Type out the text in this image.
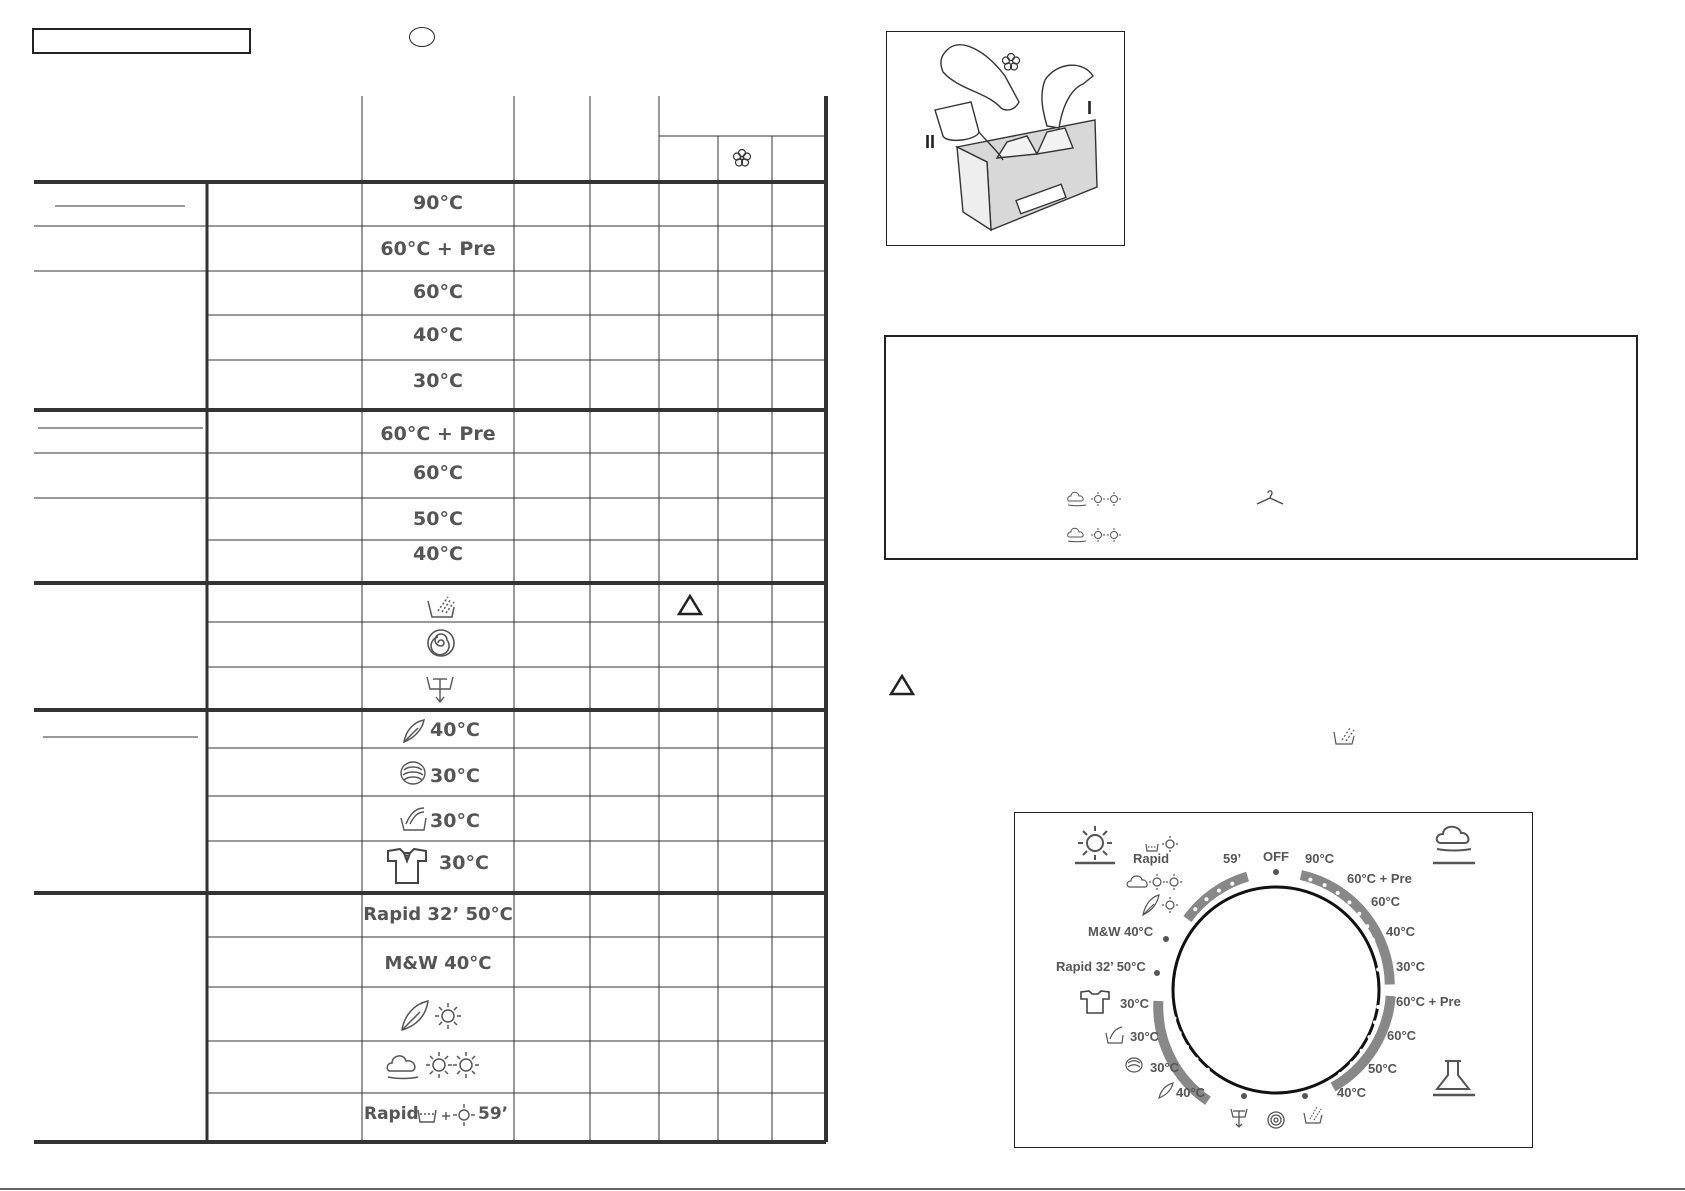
90°C
60°C + Pre
60°C
40°C
30°C
60°C + Pre
60°C
50°C
40°C
40°C
30°C
30°C
30°C
Rapid 32’ 50°C
M&W 40°C
Rapid	59’
I
II
Rapid	59’ OFF 90°C
60°C + Pre
60°C
40°C
30°C
60°C + Pre
60°C
50°C
40°C
40°C
30°C
30°C
30°C
Rapid 32’ 50°C
M&W 40°C
